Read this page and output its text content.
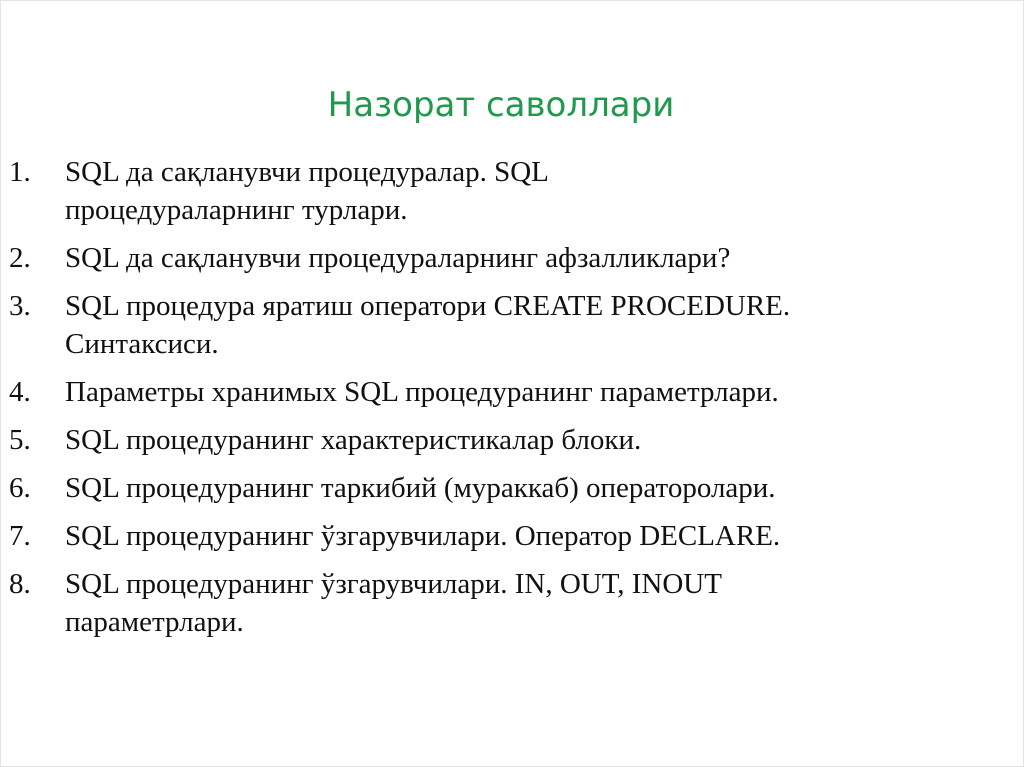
Назорат саволлари
1.	SQL да сақланувчи процедуралар. SQL
процедураларнинг турлари.
2.	SQL да сақланувчи процедураларнинг афзалликлари?
3.	SQL процедура яратиш оператори CREATE PROCEDURE.
Синтаксиси.
4.	Параметры хранимых SQL процедуранинг параметрлари.
5.	SQL процедуранинг характеристикалар блоки.
6.	SQL процедуранинг таркибий (мураккаб) операторолари.
7.	SQL процедуранинг ўзгарувчилари. Оператор DECLARE.
8.	SQL процедуранинг ўзгарувчилари. IN, OUT, INOUT
параметрлари.
